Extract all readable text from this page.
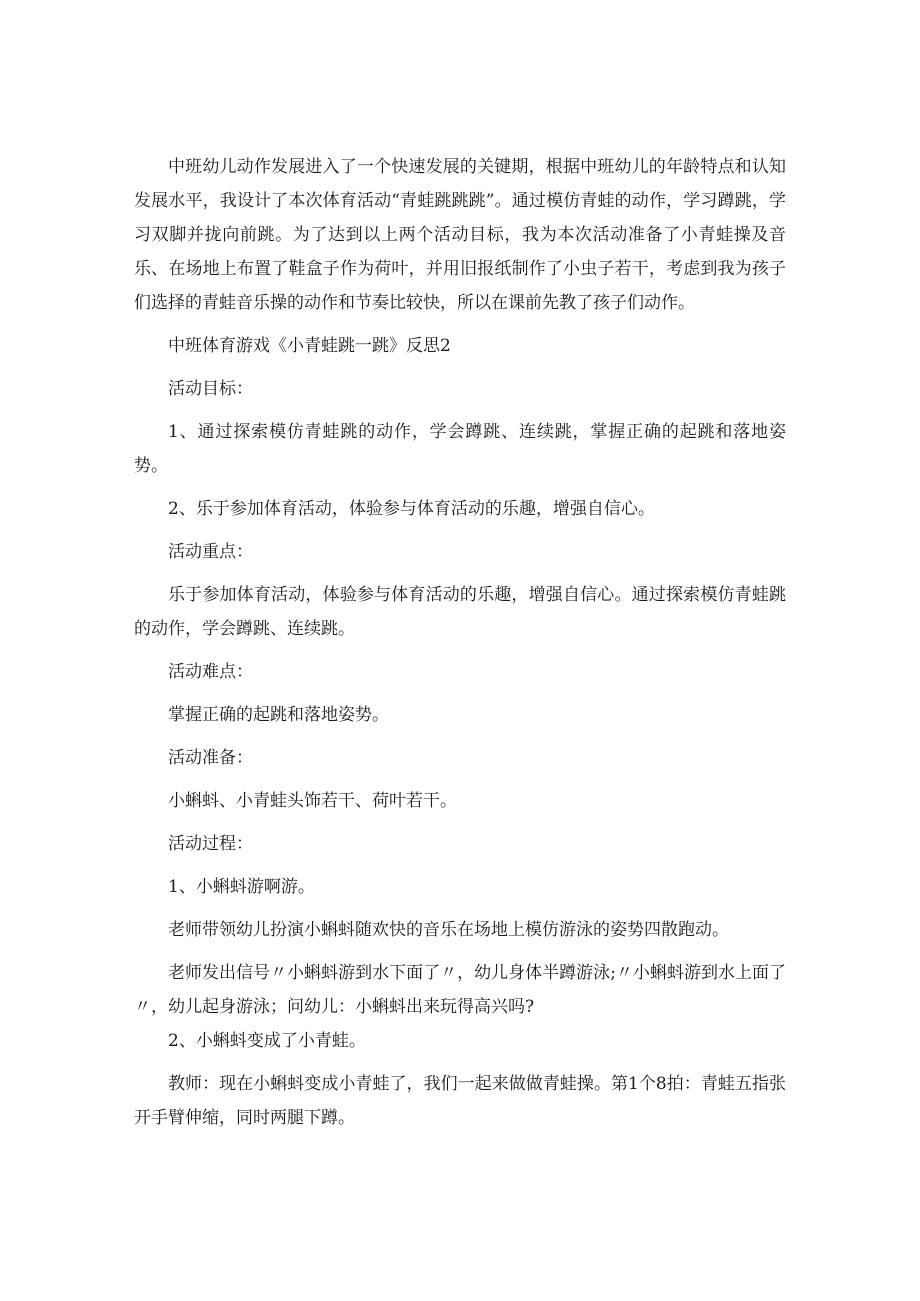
中班幼儿动作发展进入了一个快速发展的关键期，根据中班幼儿的年龄特点和认知发展水平，我设计了本次体育活动“青蛙跳跳跳”。通过模仿青蛙的动作，学习蹲跳，学习双脚并拢向前跳。为了达到以上两个活动目标，我为本次活动准备了小青蛙操及音乐、在场地上布置了鞋盒子作为荷叶，并用旧报纸制作了小虫子若干，考虑到我为孩子们选择的青蛙音乐操的动作和节奏比较快，所以在课前先教了孩子们动作。

中班体育游戏《小青蛙跳一跳》反思2

活动目标：

1、通过探索模仿青蛙跳的动作，学会蹲跳、连续跳，掌握正确的起跳和落地姿势。

2、乐于参加体育活动，体验参与体育活动的乐趣，增强自信心。

活动重点：

乐于参加体育活动，体验参与体育活动的乐趣，增强自信心。通过探索模仿青蛙跳的动作，学会蹲跳、连续跳。

活动难点：

掌握正确的起跳和落地姿势。

活动准备：

小蝌蚪、小青蛙头饰若干、荷叶若干。

活动过程：

1、小蝌蚪游啊游。

老师带领幼儿扮演小蝌蚪随欢快的音乐在场地上模仿游泳的姿势四散跑动。

老师发出信号〃小蝌蚪游到水下面了〃，幼儿身体半蹲游泳;〃小蝌蚪游到水上面了〃，幼儿起身游泳；问幼儿：小蝌蚪出来玩得高兴吗?

2、小蝌蚪变成了小青蛙。

教师：现在小蝌蚪变成小青蛙了，我们一起来做做青蛙操。第1个8拍：青蛙五指张开手臂伸缩，同时两腿下蹲。
